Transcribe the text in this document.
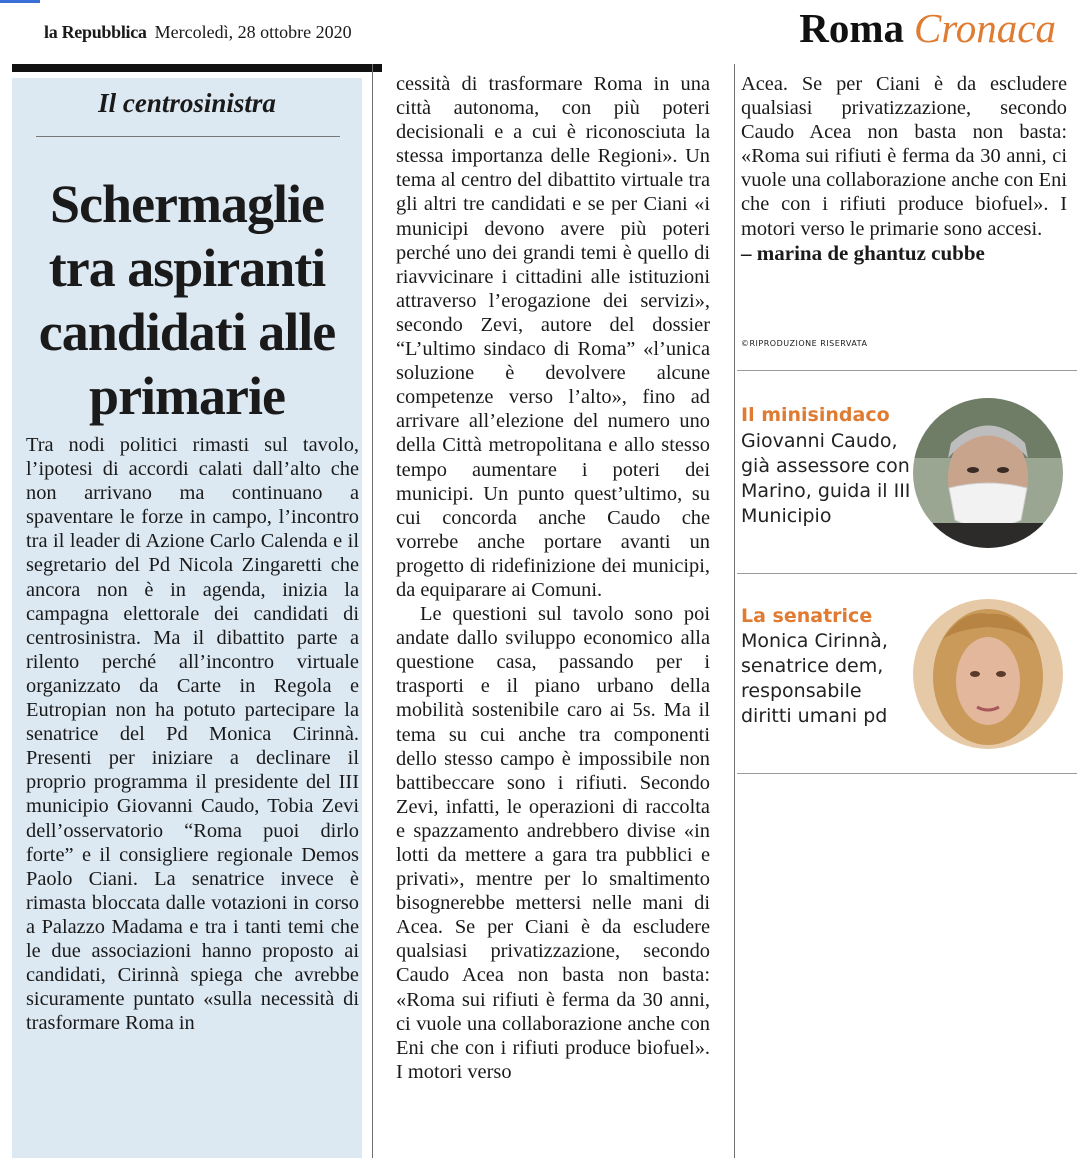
la Repubblica Mercoledì, 28 ottobre 2020	Roma Cronaca
Il centrosinistra
Schermaglie tra aspiranti candidati alle primarie

Tra nodi politici rimasti sul tavolo, l’ipotesi di accordi calati dall’alto che non arrivano ma continuano a spaventare le forze in campo, l’incontro tra il leader di Azione Carlo Calenda e il segretario del Pd Nicola Zingaretti che ancora non è in agenda, inizia la campagna elettorale dei candidati di centrosinistra. Ma il dibattito parte a rilento perché all’incontro virtuale organizzato da Carte in Regola e Eutropian non ha potuto partecipare la senatrice del Pd Monica Cirinnà. Presenti per iniziare a declinare il proprio programma il presidente del III municipio Giovanni Caudo, Tobia Zevi dell’osservatorio “Roma puoi dirlo forte” e il consigliere regionale Demos Paolo Ciani. La senatrice invece è rimasta bloccata dalle votazioni in corso a Palazzo Madama e tra i tanti temi che le due associazioni hanno proposto ai candidati, Cirinnà spiega che avrebbe sicuramente puntato «sulla necessità di trasformare Roma in

cessità di trasformare Roma in una città autonoma, con più poteri decisionali e a cui è riconosciuta la stessa importanza delle Regioni». Un tema al centro del dibattito virtuale tra gli altri tre candidati e se per Ciani «i municipi devono avere più poteri perché uno dei grandi temi è quello di riavvicinare i cittadini alle istituzioni attraverso l’erogazione dei servizi», secondo Zevi, autore del dossier “L’ultimo sindaco di Roma” «l’unica soluzione è devolvere alcune competenze verso l’alto», fino ad arrivare all’elezione del numero uno della Città metropolitana e allo stesso tempo aumentare i poteri dei municipi. Un punto quest’ultimo, su cui concorda anche Caudo che vorrebe anche portare avanti un progetto di ridefinizione dei municipi, da equiparare ai Comuni.

Le questioni sul tavolo sono poi andate dallo sviluppo economico alla questione casa, passando per i trasporti e il piano urbano della mobilità sostenibile caro ai 5s. Ma il tema su cui anche tra componenti dello stesso campo è impossibile non battibeccare sono i rifiuti. Secondo Zevi, infatti, le operazioni di raccolta e spazzamento andrebbero divise «in lotti da mettere a gara tra pubblici e privati», mentre per lo smaltimento bisognerebbe mettersi nelle mani di Acea. Se per Ciani è da escludere qualsiasi privatizzazione, secondo Caudo Acea non basta non basta: «Roma sui rifiuti è ferma da 30 anni, ci vuole una collaborazione anche con Eni che con i rifiuti produce biofuel». I motori verso

Acea. Se per Ciani è da escludere qualsiasi privatizzazione, secondo Caudo Acea non basta non basta: «Roma sui rifiuti è ferma da 30 anni, ci vuole una collaborazione anche con Eni che con i rifiuti produce biofuel». I motori verso le primarie sono accesi.

– marina de ghantuz cubbe
©RIPRODUZIONE RISERVATA
Il minisindaco
Giovanni Caudo, già assessore con Marino, guida il III Municipio
La senatrice
Monica Cirinnà, senatrice dem, responsabile diritti umani pd
